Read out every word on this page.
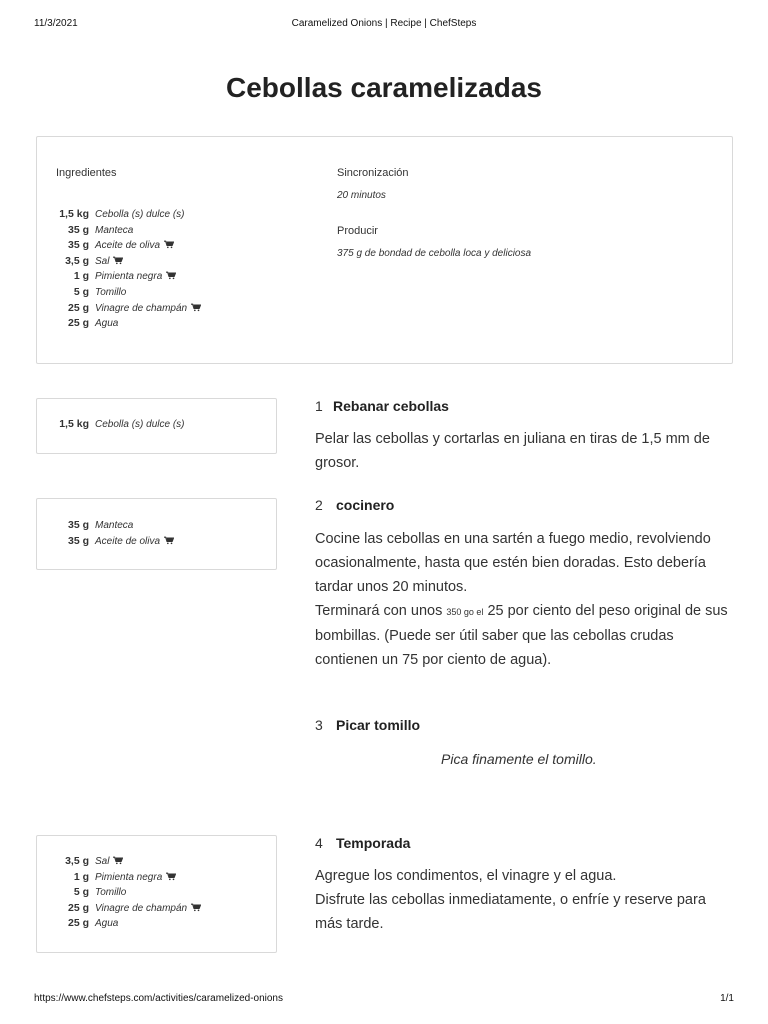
11/3/2021	Caramelized Onions | Recipe | ChefSteps
Cebollas caramelizadas
Ingredientes
1,5 kg Cebolla (s) dulce (s)
35 g Manteca
35 g Aceite de oliva
3,5 g Sal
1 g Pimienta negra
5 g Tomillo
25 g Vinagre de champán
25 g Agua
Sincronización
20 minutos
Producir
375 g de bondad de cebolla loca y deliciosa
1,5 kg Cebolla (s) dulce (s)
1 Rebanar cebollas

Pelar las cebollas y cortarlas en juliana en tiras de 1,5 mm de grosor.

35 g Manteca
35 g Aceite de oliva
2 cocinero

Cocine las cebollas en una sartén a fuego medio, revolviendo ocasionalmente, hasta que estén bien doradas. Esto debería tardar unos 20 minutos.

Terminará con unos 350 go el 25 por ciento del peso original de sus bombillas. (Puede ser útil saber que las cebollas crudas contienen un 75 por ciento de agua).

3 Picar tomillo
Pica finamente el tomillo.
3,5 g Sal
1 g Pimienta negra
5 g Tomillo
25 g Vinagre de champán
25 g Agua
4 Temporada

Agregue los condimentos, el vinagre y el agua.

Disfrute las cebollas inmediatamente, o enfríe y reserve para más tarde.

https://www.chefsteps.com/activities/caramelized-onions	1/1
